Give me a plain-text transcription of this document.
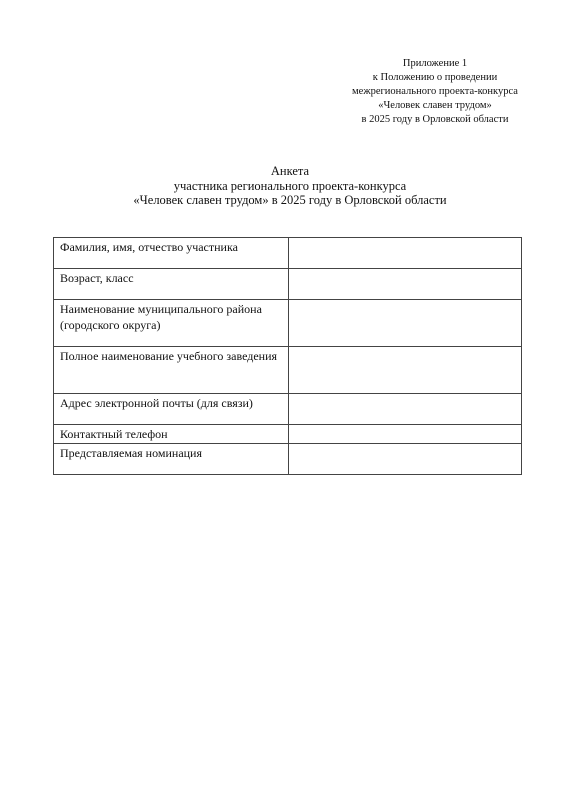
Приложение 1
к Положению о проведении
межрегионального проекта-конкурса
«Человек славен трудом»
в 2025 году в Орловской области
Анкета
участника регионального проекта-конкурса
«Человек славен трудом» в 2025 году в Орловской области
Фамилия, имя, отчество участника	
Возраст, класс	
Наименование муниципального района (городского округа)	
Полное наименование учебного заведения	
Адрес электронной почты (для связи)	
Контактный телефон	
Представляемая номинация	
